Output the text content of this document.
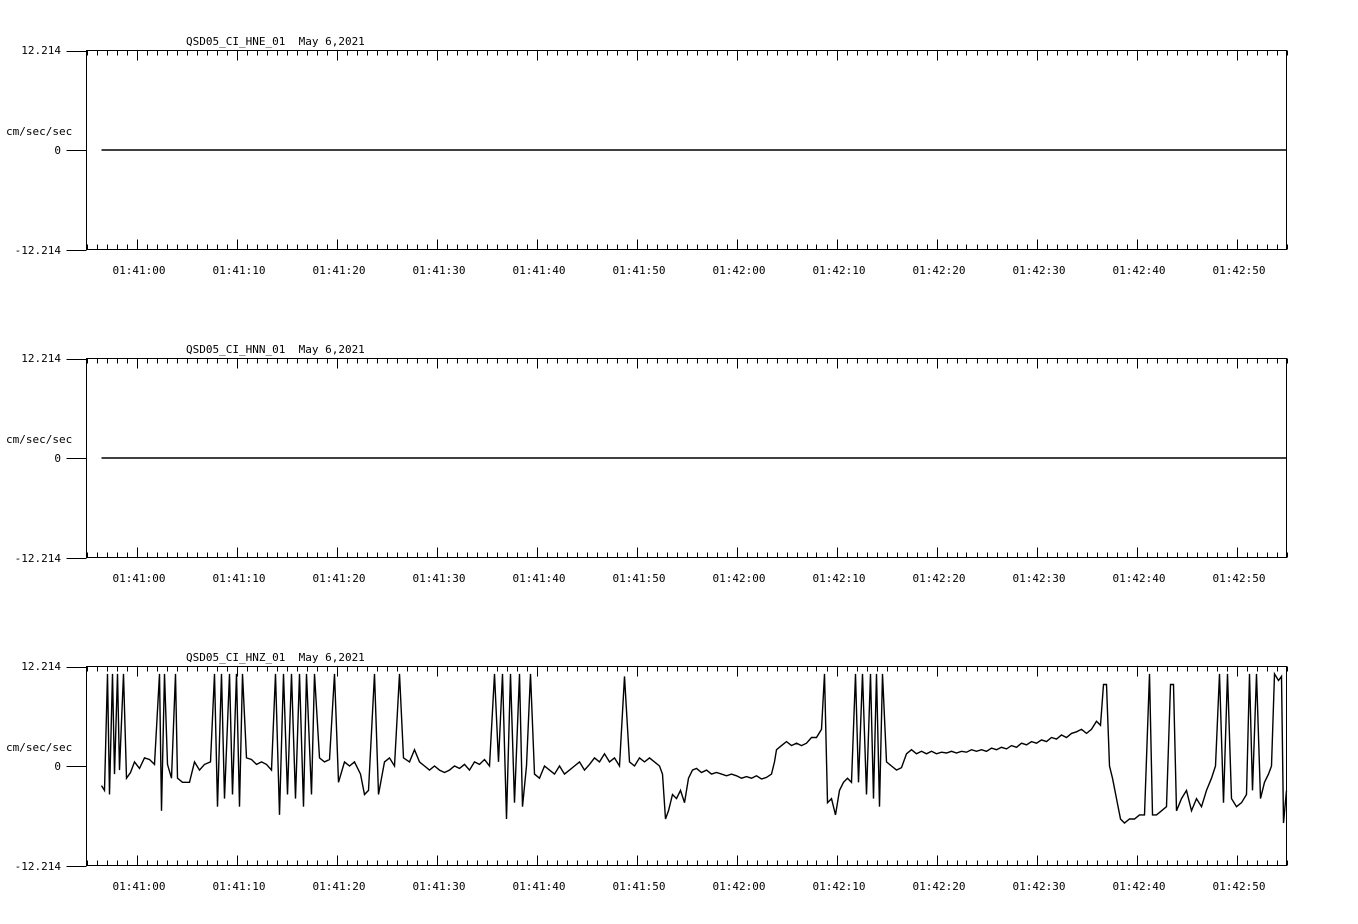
QSD05_CI_HNE_01  May 6,2021
cm/sec/sec
12.214
0
-12.214
01:41:00	01:41:10	01:41:20	01:41:30	01:41:40	01:41:50	01:42:00	01:42:10	01:42:20	01:42:30	01:42:40	01:42:50
QSD05_CI_HNN_01  May 6,2021
cm/sec/sec
12.214
0
-12.214
01:41:00	01:41:10	01:41:20	01:41:30	01:41:40	01:41:50	01:42:00	01:42:10	01:42:20	01:42:30	01:42:40	01:42:50
QSD05_CI_HNZ_01  May 6,2021
cm/sec/sec
12.214
0
-12.214
01:41:00	01:41:10	01:41:20	01:41:30	01:41:40	01:41:50	01:42:00	01:42:10	01:42:20	01:42:30	01:42:40	01:42:50
